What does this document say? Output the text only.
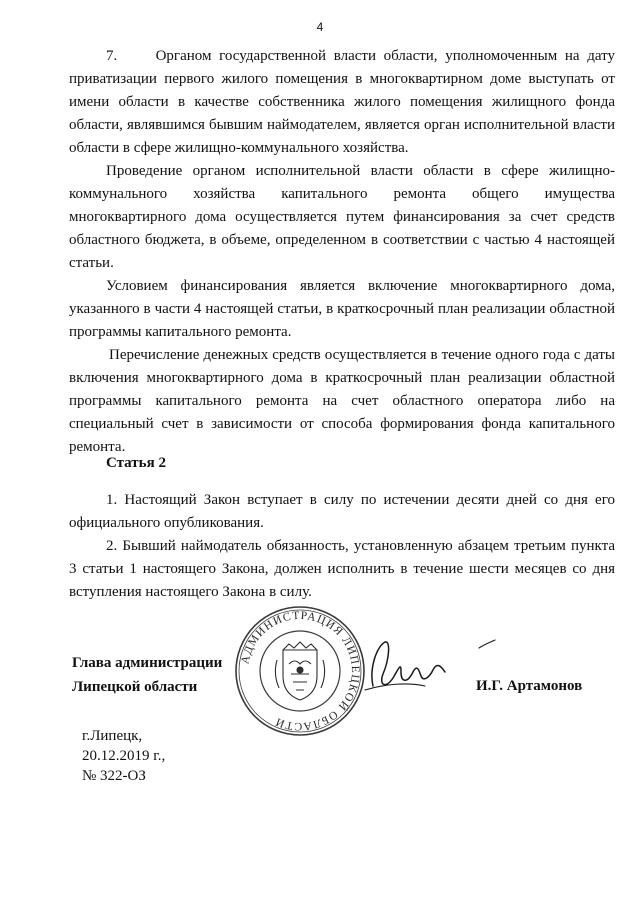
4

7.     Органом государственной власти области, уполномоченным на дату приватизации первого жилого помещения в многоквартирном доме выступать от имени области в качестве собственника жилого помещения жилищного фонда области, являвшимся бывшим наймодателем, является орган исполнительной власти области в сфере жилищно-коммунального хозяйства.

Проведение органом исполнительной власти области в сфере жилищно-коммунального хозяйства капитального ремонта общего имущества многоквартирного дома осуществляется путем финансирования за счет средств областного бюджета, в объеме, определенном в соответствии с частью 4 настоящей статьи.

Условием финансирования является включение многоквартирного дома, указанного в части 4 настоящей статьи, в краткосрочный план реализации областной программы капитального ремонта.

Перечисление денежных средств осуществляется в течение одного года с даты включения многоквартирного дома в краткосрочный план реализации областной программы капитального ремонта на счет областного оператора либо на специальный счет в зависимости от способа формирования фонда капитального ремонта.

Статья 2

1. Настоящий Закон вступает в силу по истечении десяти дней со дня его официального опубликования.

2. Бывший наймодатель обязанность, установленную абзацем третьим пункта 3 статьи 1 настоящего Закона, должен исполнить в течение шести месяцев со дня вступления настоящего Закона в силу.

Глава администрации
Липецкой области
АДМИНИСТРАЦИЯ ЛИПЕЦКОЙ ОБЛАСТИ
И.Г. Артамонов
г.Липецк,
20.12.2019 г.,
№ 322-ОЗ
